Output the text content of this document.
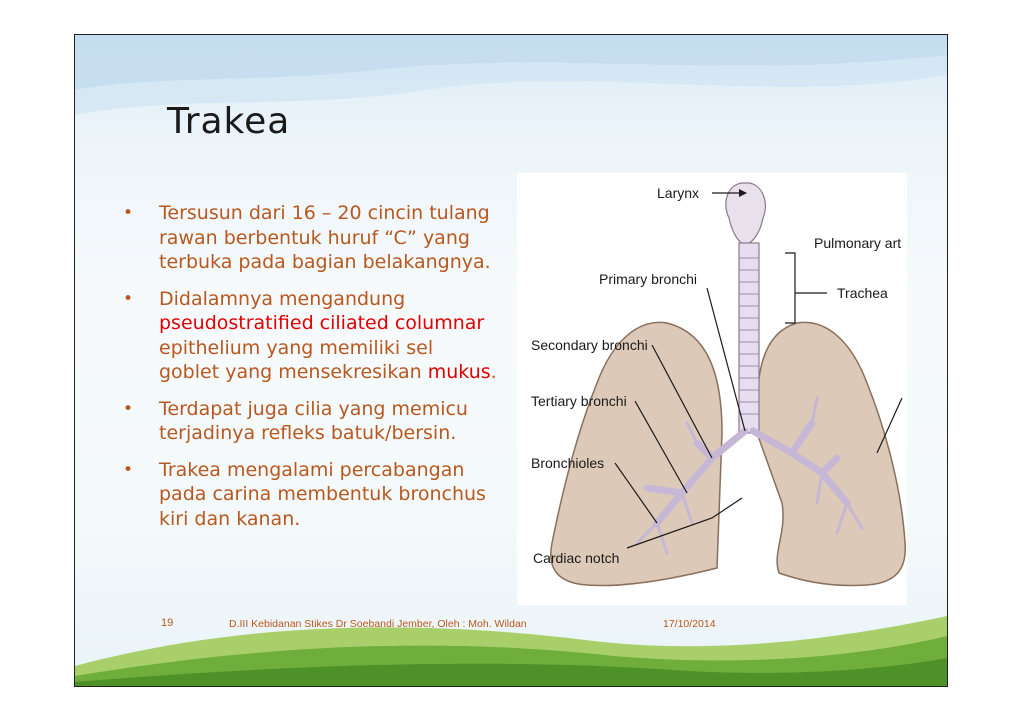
Trakea
• Tersusun dari 16 – 20 cincin tulang rawan berbentuk huruf “C” yang terbuka pada bagian belakangnya.
• Didalamnya mengandung pseudostratified ciliated columnar epithelium yang memiliki sel goblet yang mensekresikan mukus.
• Terdapat juga cilia yang memicu terjadinya refleks batuk/bersin.
• Trakea mengalami percabangan pada carina membentuk bronchus kiri dan kanan.
Larynx
Pulmonary art
Primary bronchi
Trachea
Secondary bronchi
Tertiary bronchi
Bronchioles
Cardiac notch
19	D.III Kebidanan Stikes Dr Soebandi Jember, Oleh : Moh. Wildan	17/10/2014
